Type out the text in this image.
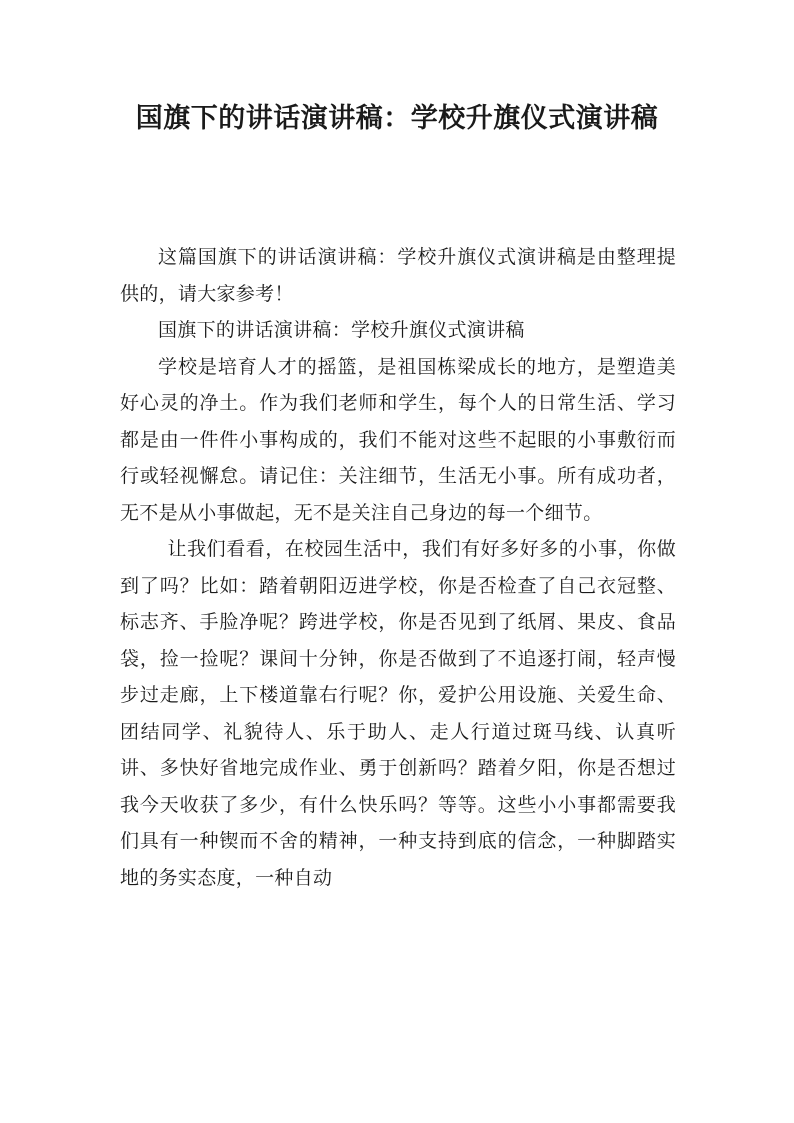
国旗下的讲话演讲稿：学校升旗仪式演讲稿

这篇国旗下的讲话演讲稿：学校升旗仪式演讲稿是由整理提供的，请大家参考！

国旗下的讲话演讲稿：学校升旗仪式演讲稿

学校是培育人才的摇篮，是祖国栋梁成长的地方，是塑造美好心灵的净土。作为我们老师和学生，每个人的日常生活、学习都是由一件件小事构成的，我们不能对这些不起眼的小事敷衍而行或轻视懈怠。请记住：关注细节，生活无小事。所有成功者，无不是从小事做起，无不是关注自己身边的每一个细节。

让我们看看，在校园生活中，我们有好多好多的小事，你做到了吗？比如：踏着朝阳迈进学校，你是否检查了自己衣冠整、标志齐、手脸净呢？跨进学校，你是否见到了纸屑、果皮、食品袋，捡一捡呢？课间十分钟，你是否做到了不追逐打闹，轻声慢步过走廊，上下楼道靠右行呢？你，爱护公用设施、关爱生命、团结同学、礼貌待人、乐于助人、走人行道过斑马线、认真听讲、多快好省地完成作业、勇于创新吗？踏着夕阳，你是否想过我今天收获了多少，有什么快乐吗？等等。这些小小事都需要我们具有一种锲而不舍的精神，一种支持到底的信念，一种脚踏实地的务实态度，一种自动
